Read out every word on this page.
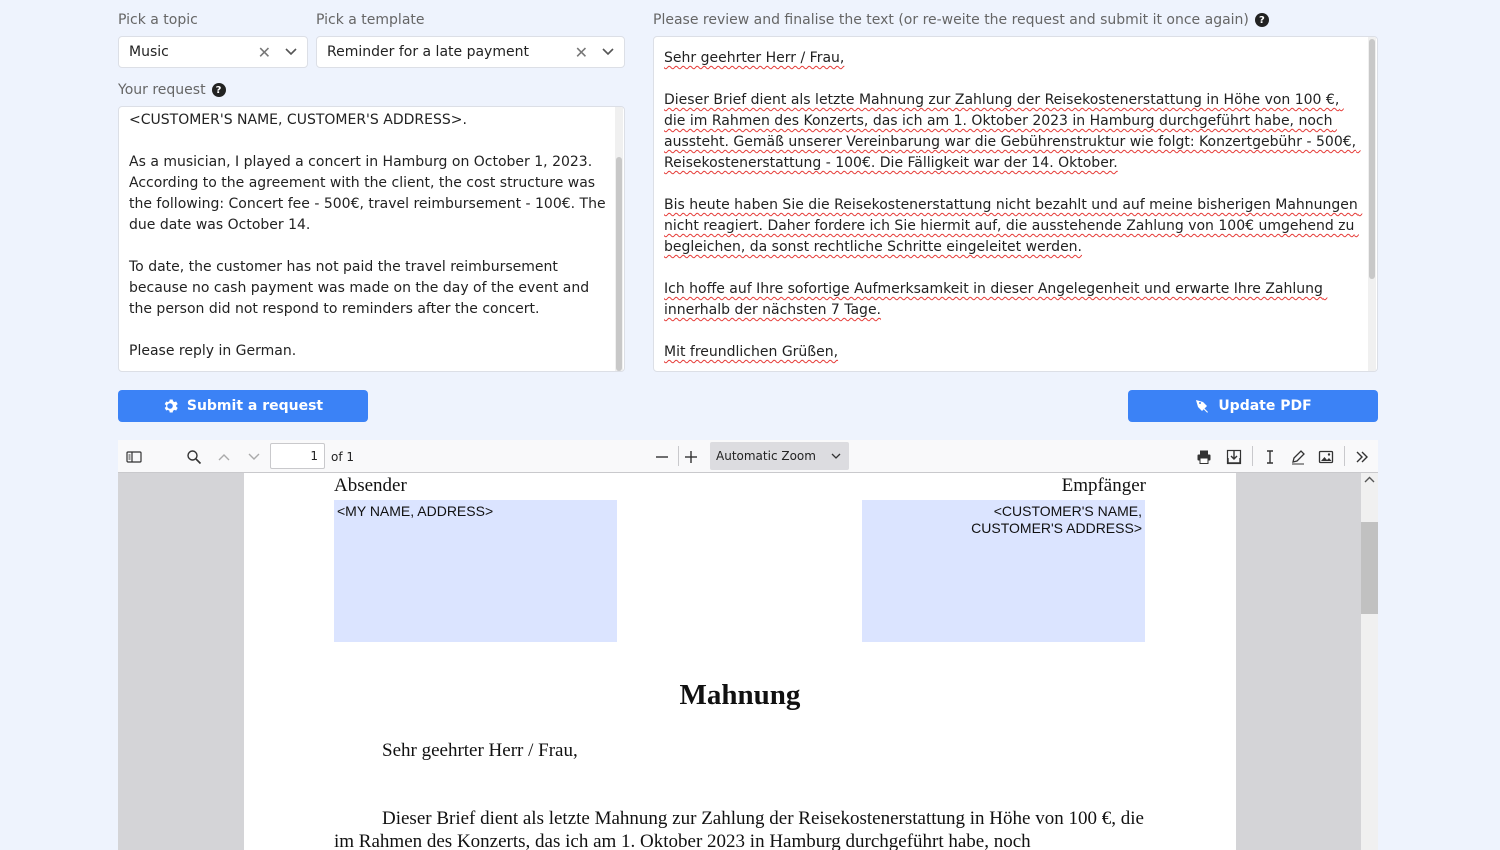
Pick a topic	Pick a template	Please review and finalise the text (or re-weite the request and submit it once again)	?
Your request	?
Music	✕	Reminder for a late payment	✕
<CUSTOMER'S NAME, CUSTOMER'S ADDRESS>.

As a musician, I played a concert in Hamburg on October 1, 2023. According to the agreement with the client, the cost structure was the following: Concert fee - 500€, travel reimbursement - 100€. The due date was October 14.

To date, the customer has not paid the travel reimbursement because no cash payment was made on the day of the event and the person did not respond to reminders after the concert.

Please reply in German.
Sehr geehrter Herr / Frau,

Dieser Brief dient als letzte Mahnung zur Zahlung der Reisekostenerstattung in Höhe von 100 €, die im Rahmen des Konzerts, das ich am 1. Oktober 2023 in Hamburg durchgeführt habe, noch aussteht. Gemäß unserer Vereinbarung war die Gebührenstruktur wie folgt: Konzertgebühr - 500€, Reisekostenerstattung - 100€. Die Fälligkeit war der 14. Oktober.

Bis heute haben Sie die Reisekostenerstattung nicht bezahlt und auf meine bisherigen Mahnungen nicht reagiert. Daher fordere ich Sie hiermit auf, die ausstehende Zahlung von 100€ umgehend zu begleichen, da sonst rechtliche Schritte eingeleitet werden.

Ich hoffe auf Ihre sofortige Aufmerksamkeit in dieser Angelegenheit und erwarte Ihre Zahlung innerhalb der nächsten 7 Tage.

Mit freundlichen Grüßen,
Submit a request	Update PDF
1	of 1	Automatic Zoom
Absender	Empfänger
<MY NAME, ADDRESS>	<CUSTOMER'S NAME,
CUSTOMER'S ADDRESS>
Mahnung
Sehr geehrter Herr / Frau,
Dieser Brief dient als letzte Mahnung zur Zahlung der Reisekostenerstattung in Höhe von 100 €, die im Rahmen des Konzerts, das ich am 1. Oktober 2023 in Hamburg durchgeführt habe, noch
